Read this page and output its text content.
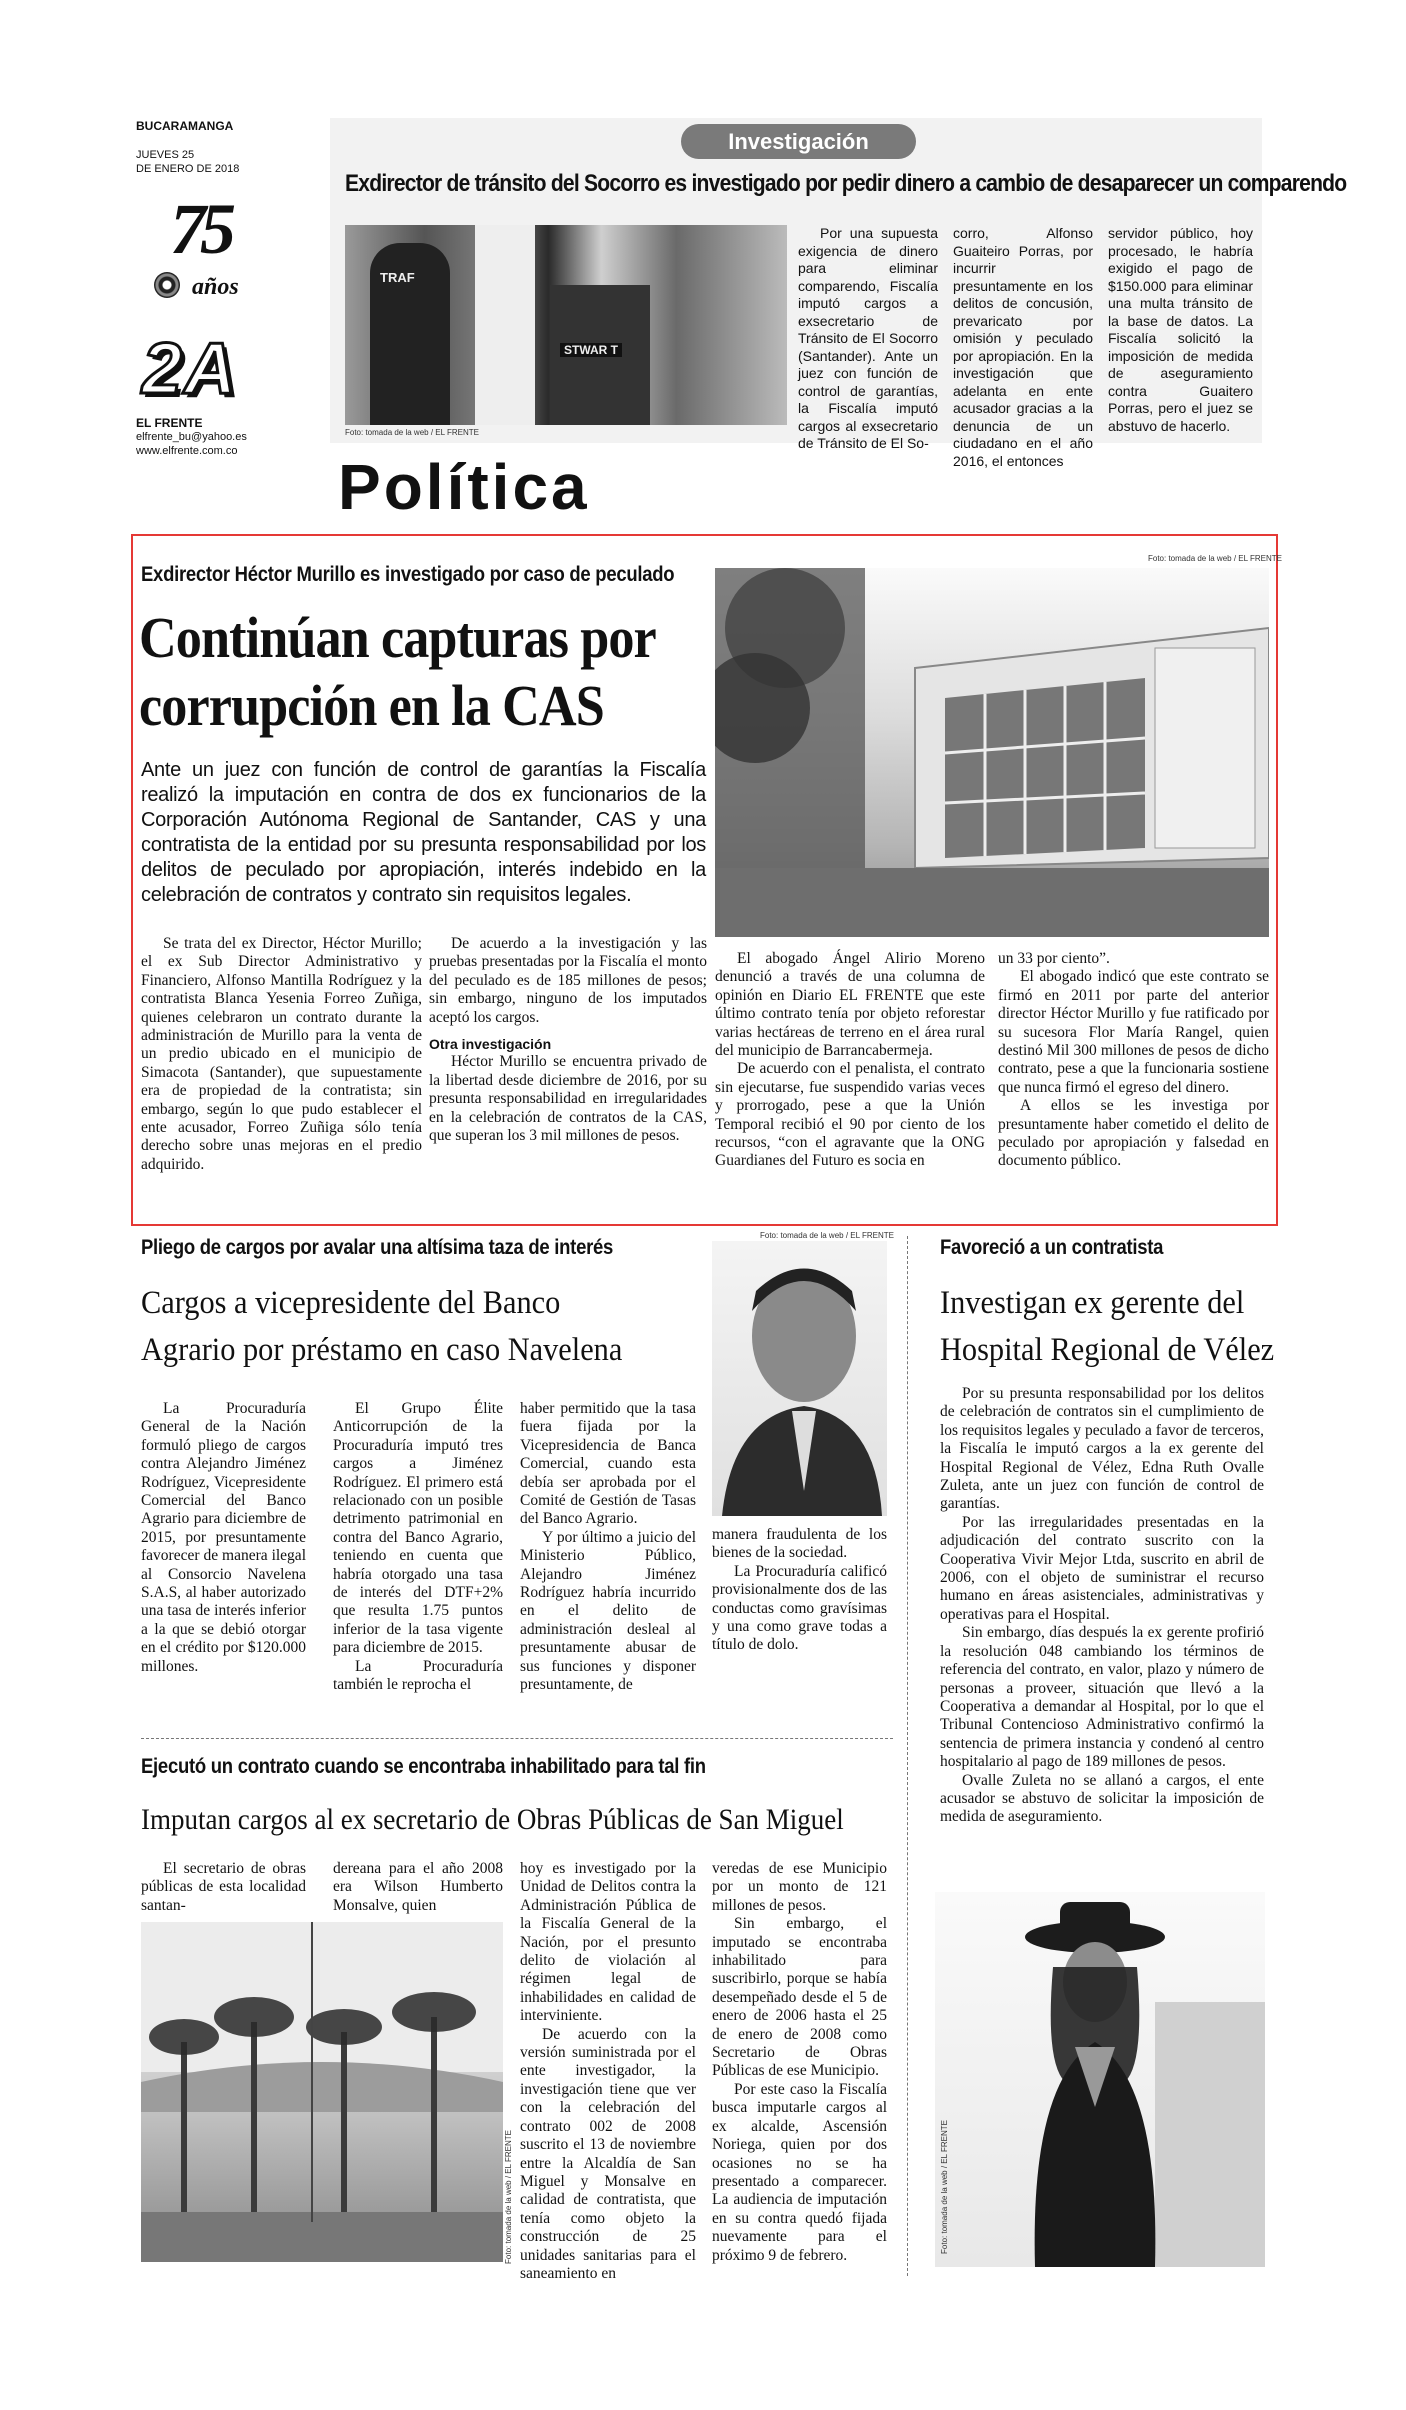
BUCARAMANGA
JUEVES 25
DE ENERO DE 2018
75
años
2A
EL FRENTE
elfrente_bu@yahoo.es
www.elfrente.com.co
Investigación
Exdirector de tránsito del Socorro es investigado por pedir dinero a cambio de desaparecer un comparendo
TRAF
STWAR T
Foto: tomada de la web / EL FRENTE

Por una supuesta exigencia de dinero para eliminar comparendo, Fiscalía imputó cargos a exsecretario de Tránsito de El Socorro (Santander). Ante un juez con función de control de garantías, la Fiscalía imputó cargos al exsecretario de Tránsito de El So-

corro, Alfonso Guaiteiro Porras, por incurrir presuntamente en los delitos de concusión, prevaricato por omisión y peculado por apropiación. En la investigación que adelanta en ente acusador gracias a la denuncia de un ciudadano en el año 2016, el entonces

servidor público, hoy procesado, le habría exigido el pago de $150.000 para eliminar una multa tránsito de la base de datos. La Fiscalía solicitó la imposición de medida de aseguramiento contra Guaitero Porras, pero el juez se abstuvo de hacerlo.

Política
Exdirector Héctor Murillo es investigado por caso de peculado
Continúan capturas por
corrupción en la CAS
Ante un juez con función de control de garantías la Fiscalía realizó la imputación en contra de dos ex funcionarios de la Corporación Autónoma Regional de Santander, CAS y una contratista de la entidad por su presunta responsabilidad por los delitos de peculado por apropiación, interés indebido en la celebración de contratos y contrato sin requisitos legales.
Foto: tomada de la web / EL FRENTE

Se trata del ex Director, Héctor Murillo; el ex Sub Director Administrativo y Financiero, Alfonso Mantilla Rodríguez y la contratista Blanca Yesenia Forreo Zuñiga, quienes celebraron un contrato durante la administración de Murillo para la venta de un predio ubicado en el municipio de Simacota (Santander), que supuestamente era de propiedad de la contratista; sin embargo, según lo que pudo establecer el ente acusador, Forreo Zuñiga sólo tenía derecho sobre unas mejoras en el predio adquirido.

De acuerdo a la investigación y las pruebas presentadas por la Fiscalía el monto del peculado es de 185 millones de pesos; sin embargo, ninguno de los imputados aceptó los cargos.

Otra investigación

Héctor Murillo se encuentra privado de la libertad desde diciembre de 2016, por su presunta responsabilidad en irregularidades en la celebración de contratos de la CAS, que superan los 3 mil millones de pesos.

El abogado Ángel Alirio Moreno denunció a través de una columna de opinión en Diario EL FRENTE que este último contrato tenía por objeto reforestar varias hectáreas de terreno en el área rural del municipio de Barrancabermeja.

De acuerdo con el penalista, el contrato sin ejecutarse, fue suspendido varias veces y prorrogado, pese a que la Unión Temporal recibió el 90 por ciento de los recursos, “con el agravante que la ONG Guardianes del Futuro es socia en

un 33 por ciento”.

El abogado indicó que este contrato se firmó en 2011 por parte del anterior director Héctor Murillo y fue ratificado por su sucesora Flor María Rangel, quien destinó Mil 300 millones de pesos de dicho contrato, pese a que la funcionaria sostiene que nunca firmó el egreso del dinero.

A ellos se les investiga por presuntamente haber cometido el delito de peculado por apropiación y falsedad en documento público.

Pliego de cargos por avalar una altísima taza de interés
Cargos a vicepresidente del Banco
Agrario por préstamo en caso Navelena
Foto: tomada de la web / EL FRENTE

La Procuraduría General de la Nación formuló pliego de cargos contra Alejandro Jiménez Rodríguez, Vicepresidente Comercial del Banco Agrario para diciembre de 2015, por presuntamente favorecer de manera ilegal al Consorcio Navelena S.A.S, al haber autorizado una tasa de interés inferior a la que se debió otorgar en el crédito por $120.000 millones.

El Grupo Élite Anticorrupción de la Procuraduría imputó tres cargos a Jiménez Rodríguez. El primero está relacionado con un posible detrimento patrimonial en contra del Banco Agrario, teniendo en cuenta que habría otorgado una tasa de interés del DTF+2% que resulta 1.75 puntos inferior de la tasa vigente para diciembre de 2015.

La Procuraduría también le reprocha el

haber permitido que la tasa fuera fijada por la Vicepresidencia de Banca Comercial, cuando esta debía ser aprobada por el Comité de Gestión de Tasas del Banco Agrario.

Y por último a juicio del Ministerio Público, Alejandro Jiménez Rodríguez habría incurrido en el delito de administración desleal al presuntamente abusar de sus funciones y disponer presuntamente, de

manera fraudulenta de los bienes de la sociedad.

La Procuraduría calificó provisionalmente dos de las conductas como gravísimas y una como grave todas a título de dolo.

Favoreció a un contratista
Investigan ex gerente del
Hospital Regional de Vélez

Por su presunta responsabilidad por los delitos de celebración de contratos sin el cumplimiento de los requisitos legales y peculado a favor de terceros, la Fiscalía le imputó cargos a la ex gerente del Hospital Regional de Vélez, Edna Ruth Ovalle Zuleta, ante un juez con función de control de garantías.

Por las irregularidades presentadas en la adjudicación del contrato suscrito con la Cooperativa Vivir Mejor Ltda, suscrito en abril de 2006, con el objeto de suministrar el recurso humano en áreas asistenciales, administrativas y operativas para el Hospital.

Sin embargo, días después la ex gerente profirió la resolución 048 cambiando los términos de referencia del contrato, en valor, plazo y número de personas a proveer, situación que llevó a la Cooperativa a demandar al Hospital, por lo que el Tribunal Contencioso Administrativo confirmó la sentencia de primera instancia y condenó al centro hospitalario al pago de 189 millones de pesos.

Ovalle Zuleta no se allanó a cargos, el ente acusador se abstuvo de solicitar la imposición de medida de aseguramiento.

Foto: tomada de la web / EL FRENTE
Ejecutó un contrato cuando se encontraba inhabilitado para tal fin
Imputan cargos al ex secretario de Obras Públicas de San Miguel

El secretario de obras públicas de esta localidad santan-

dereana para el año 2008 era Wilson Humberto Monsalve, quien

Foto: tomada de la web / EL FRENTE

hoy es investigado por la Unidad de Delitos contra la Administración Pública de la Fiscalía General de la Nación, por el presunto delito de violación al régimen legal de inhabilidades en calidad de interviniente.

De acuerdo con la versión suministrada por el ente investigador, la investigación tiene que ver con la celebración del contrato 002 de 2008 suscrito el 13 de noviembre entre la Alcaldía de San Miguel y Monsalve en calidad de contratista, que tenía como objeto la construcción de 25 unidades sanitarias para el saneamiento en

veredas de ese Municipio por un monto de 121 millones de pesos.

Sin embargo, el imputado se encontraba inhabilitado para suscribirlo, porque se había desempeñado desde el 5 de enero de 2006 hasta el 25 de enero de 2008 como Secretario de Obras Públicas de ese Municipio.

Por este caso la Fiscalía busca imputarle cargos al ex alcalde, Ascensión Noriega, quien por dos ocasiones no se ha presentado a comparecer. La audiencia de imputación en su contra quedó fijada nuevamente para el próximo 9 de febrero.
